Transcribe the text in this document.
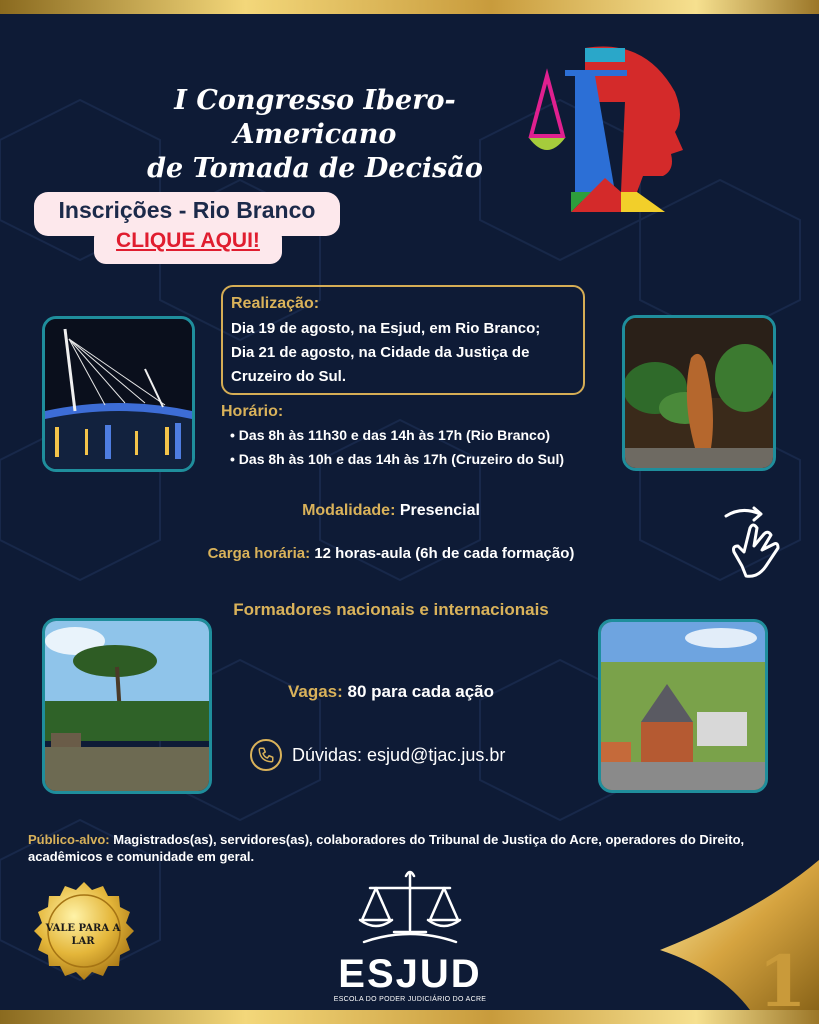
I Congresso Ibero-Americano
de Tomada de Decisão
Inscrições - Rio Branco
CLIQUE AQUI!
Realização:
Dia 19 de agosto, na Esjud, em Rio Branco;
Dia 21 de agosto, na Cidade da Justiça de
Cruzeiro do Sul.
Horário:
• Das 8h às 11h30 e das 14h às 17h (Rio Branco)
• Das 8h às 10h e das 14h às 17h (Cruzeiro do Sul)
Modalidade: Presencial
Carga horária: 12 horas-aula (6h de cada formação)
Formadores nacionais e internacionais
Vagas: 80 para cada ação
Dúvidas: esjud@tjac.jus.br
Público-alvo: Magistrados(as), servidores(as), colaboradores do Tribunal de Justiça do Acre, operadores do Direito, acadêmicos e comunidade em geral.
VALE PARA A
LAR
ESJUD
ESCOLA DO PODER JUDICIÁRIO DO ACRE	1
